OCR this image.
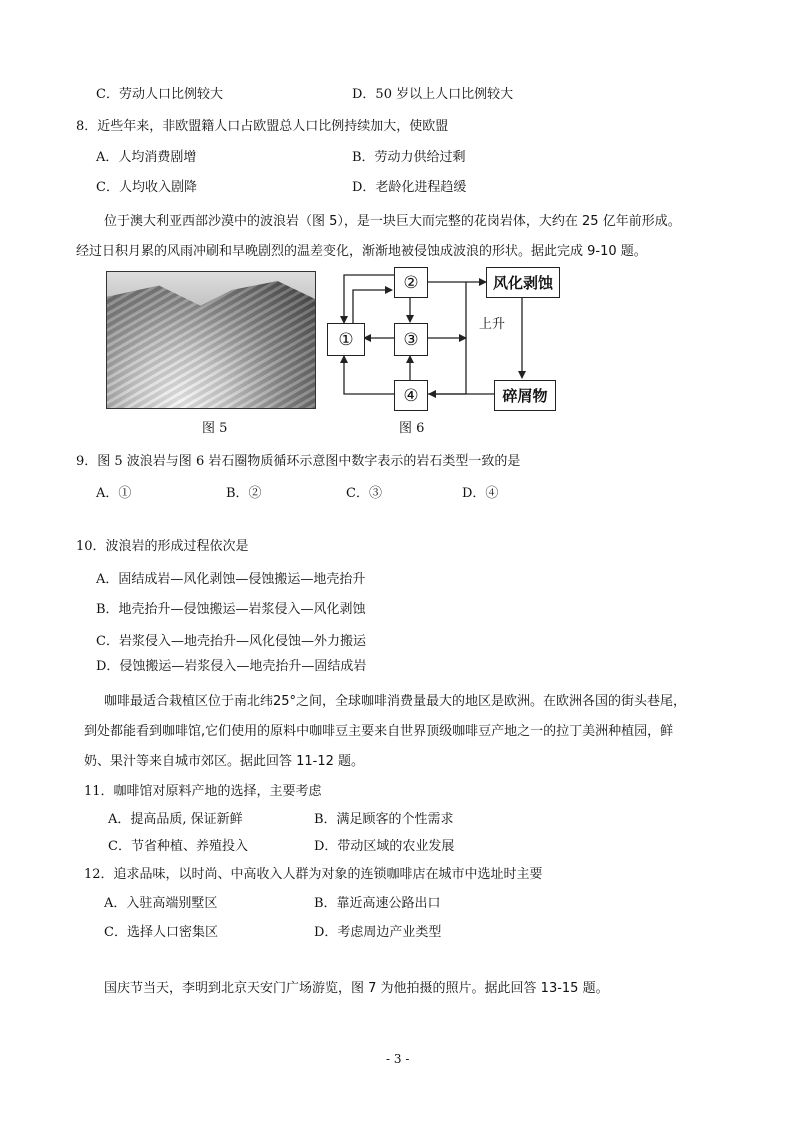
C．劳动人口比例较大	D．50 岁以上人口比例较大
8．近些年来，非欧盟籍人口占欧盟总人口比例持续加大，使欧盟
A．人均消费剧增	B．劳动力供给过剩
C．人均收入剧降	D．老龄化进程趋缓
位于澳大利亚西部沙漠中的波浪岩（图 5），是一块巨大而完整的花岗岩体，大约在 25 亿年前形成。
经过日积月累的风雨冲刷和早晚剧烈的温差变化，渐渐地被侵蚀成波浪的形状。据此完成 9-10 题。
图 5
②
①	③
④
风化剥蚀
碎屑物
上升
图 6
9．图 5 波浪岩与图 6 岩石圈物质循环示意图中数字表示的岩石类型一致的是
A．①	B．②	C．③	D．④
10．波浪岩的形成过程依次是
A．固结成岩—风化剥蚀—侵蚀搬运—地壳抬升
B．地壳抬升—侵蚀搬运—岩浆侵入—风化剥蚀
C．岩浆侵入—地壳抬升—风化侵蚀—外力搬运
D．侵蚀搬运—岩浆侵入—地壳抬升—固结成岩
咖啡最适合栽植区位于南北纬25°之间，全球咖啡消费量最大的地区是欧洲。在欧洲各国的街头巷尾，
到处都能看到咖啡馆,它们使用的原料中咖啡豆主要来自世界顶级咖啡豆产地之一的拉丁美洲种植园，鲜
奶、果汁等来自城市郊区。据此回答 11-12 题。
11．咖啡馆对原料产地的选择，主要考虑
A．提高品质, 保证新鲜	B．满足顾客的个性需求
C．节省种植、养殖投入	D．带动区域的农业发展
12．追求品味，以时尚、中高收入人群为对象的连锁咖啡店在城市中选址时主要
A．入驻高端别墅区	B．靠近高速公路出口
C．选择人口密集区	D．考虑周边产业类型
国庆节当天，李明到北京天安门广场游览，图 7 为他拍摄的照片。据此回答 13-15 题。
- 3 -
